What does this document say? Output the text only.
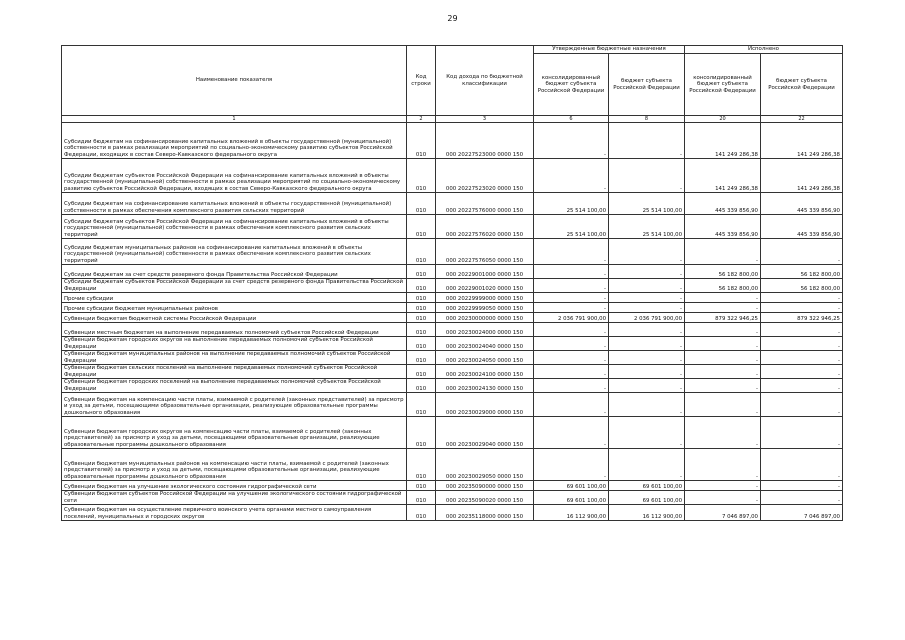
29
Наименование показателя	Код строки	Код дохода по бюджетной классификации	Утвержденные бюджетные назначения		Исполнено	
			консолидированный бюджет субъекта Российской Федерации	бюджет субъекта Российской Федерации	консолидированный бюджет субъекта Российской Федерации	бюджет субъекта Российской Федерации
1	2	3	6	8	20	22
Субсидии бюджетам на софинансирование капитальных вложений в объекты государственной (муниципальной) собственности в рамках реализации мероприятий по социально-экономическому развитию субъектов Российской Федерации, входящих в состав Северо-Кавказского федерального округа	010	000 20227523000 0000 150	-	-	141 249 286,38	141 249 286,38
Субсидии бюджетам субъектов Российской Федерации на софинансирование капитальных вложений в объекты государственной (муниципальной) собственности в рамках реализации мероприятий по социально-экономическому развитию субъектов Российской Федерации, входящих в состав Северо-Кавказского федерального округа	010	000 20227523020 0000 150	-	-	141 249 286,38	141 249 286,38
Субсидии бюджетам на софинансирование капитальных вложений в объекты государственной (муниципальной) собственности в рамках обеспечения комплексного развития сельских территорий	010	000 20227576000 0000 150	25 514 100,00	25 514 100,00	445 339 856,90	445 339 856,90
Субсидии бюджетам субъектов Российской Федерации на софинансирование капитальных вложений в объекты государственной (муниципальной) собственности в рамках обеспечения комплексного развития сельских территорий	010	000 20227576020 0000 150	25 514 100,00	25 514 100,00	445 339 856,90	445 339 856,90
Субсидии бюджетам муниципальных районов на софинансирование капитальных вложений в объекты государственной (муниципальной) собственности в рамках обеспечения комплексного развития сельских территорий	010	000 20227576050 0000 150	-	-	-	-
Субсидии бюджетам за счет средств резервного фонда Правительства Российской Федерации	010	000 20229001000 0000 150	-	-	56 182 800,00	56 182 800,00
Субсидии бюджетам субъектов Российской Федерации за счет средств резервного фонда Правительства Российской Федерации	010	000 20229001020 0000 150	-	-	56 182 800,00	56 182 800,00
Прочие субсидии	010	000 20229999000 0000 150	-	-	-	-
Прочие субсидии бюджетам муниципальных районов	010	000 20229999050 0000 150	-	-	-	-
Субвенции бюджетам бюджетной системы Российской Федерации	010	000 20230000000 0000 150	2 036 791 900,00	2 036 791 900,00	879 322 946,25	879 322 946,25
Субвенции местным бюджетам на выполнение передаваемых полномочий субъектов Российской Федерации	010	000 20230024000 0000 150	-	-	-	-
Субвенции бюджетам городских округов на выполнение передаваемых полномочий субъектов Российской Федерации	010	000 20230024040 0000 150	-	-	-	-
Субвенции бюджетам муниципальных районов на выполнение передаваемых полномочий субъектов Российской Федерации	010	000 20230024050 0000 150	-	-	-	-
Субвенции бюджетам сельских поселений на выполнение передаваемых полномочий субъектов Российской Федерации	010	000 20230024100 0000 150	-	-	-	-
Субвенции бюджетам городских поселений на выполнение передаваемых полномочий субъектов Российской Федерации	010	000 20230024130 0000 150	-	-	-	-
Субвенции бюджетам на компенсацию части платы, взимаемой с родителей (законных представителей) за присмотр и уход за детьми, посещающими образовательные организации, реализующие образовательные программы дошкольного образования	010	000 20230029000 0000 150	-	-	-	-
Субвенции бюджетам городских округов на компенсацию части платы, взимаемой с родителей (законных представителей) за присмотр и уход за детьми, посещающими образовательные организации, реализующие образовательные программы дошкольного образования	010	000 20230029040 0000 150	-	-	-	-
Субвенции бюджетам муниципальных районов на компенсацию части платы, взимаемой с родителей (законных представителей) за присмотр и уход за детьми, посещающими образовательные организации, реализующие образовательные программы дошкольного образования	010	000 20230029050 0000 150	-	-	-	-
Субвенции бюджетам на улучшение экологического состояния гидрографической сети	010	000 20235090000 0000 150	69 601 100,00	69 601 100,00	-	-
Субвенции бюджетам субъектов Российской Федерации на улучшение экологического состояния гидрографической сети	010	000 20235090020 0000 150	69 601 100,00	69 601 100,00	-	-
Субвенции бюджетам на осуществление первичного воинского учета органами местного самоуправления поселений, муниципальных и городских округов	010	000 20235118000 0000 150	16 112 900,00	16 112 900,00	7 046 897,00	7 046 897,00
